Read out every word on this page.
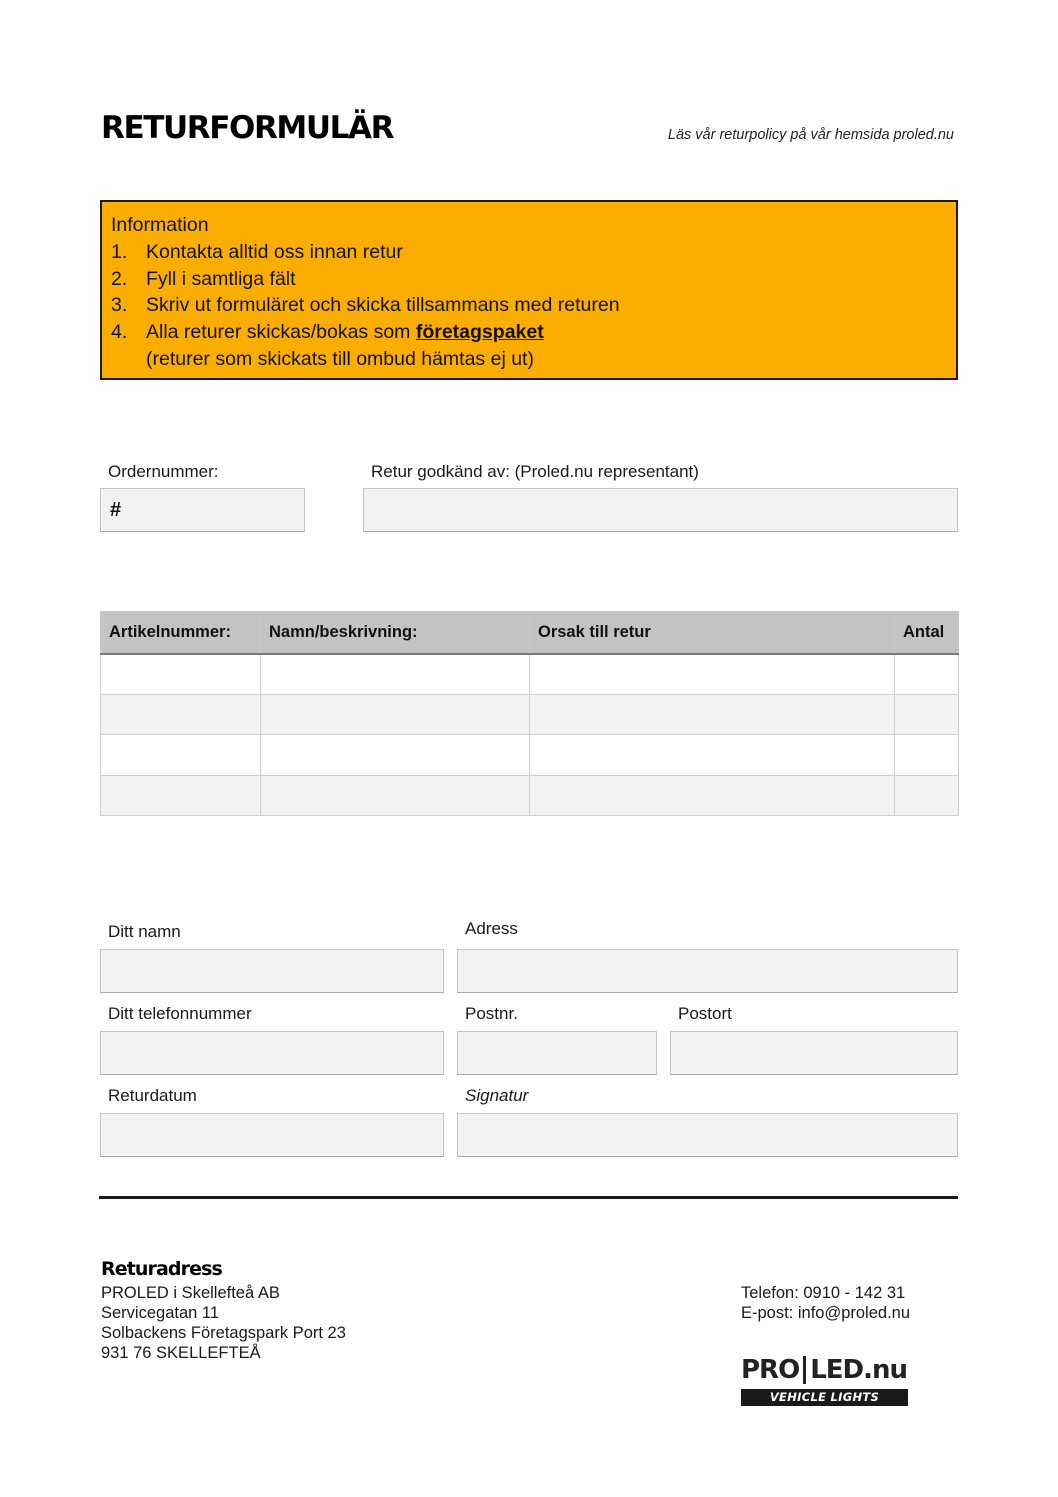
RETURFORMULÄR	Läs vår returpolicy på vår hemsida proled.nu
Information
1. Kontakta alltid oss innan retur
2. Fyll i samtliga fält
3. Skriv ut formuläret och skicka tillsammans med returen
4. Alla returer skickas/bokas som företagspaket
(returer som skickats till ombud hämtas ej ut)
Ordernummer:
#
Retur godkänd av: (Proled.nu representant)
Artikelnummer:	Namn/beskrivning:	Orsak till retur	Antal

Ditt namn	Adress
Ditt telefonnummer	Postnr.	Postort
Returdatum	Signatur
Returadress
PROLED i Skellefteå AB
Servicegatan 11
Solbackens Företagspark Port 23
931 76 SKELLEFTEÅ
Telefon: 0910 - 142 31
E-post: info@proled.nu
PRO LED.nu
VEHICLE LIGHTS
